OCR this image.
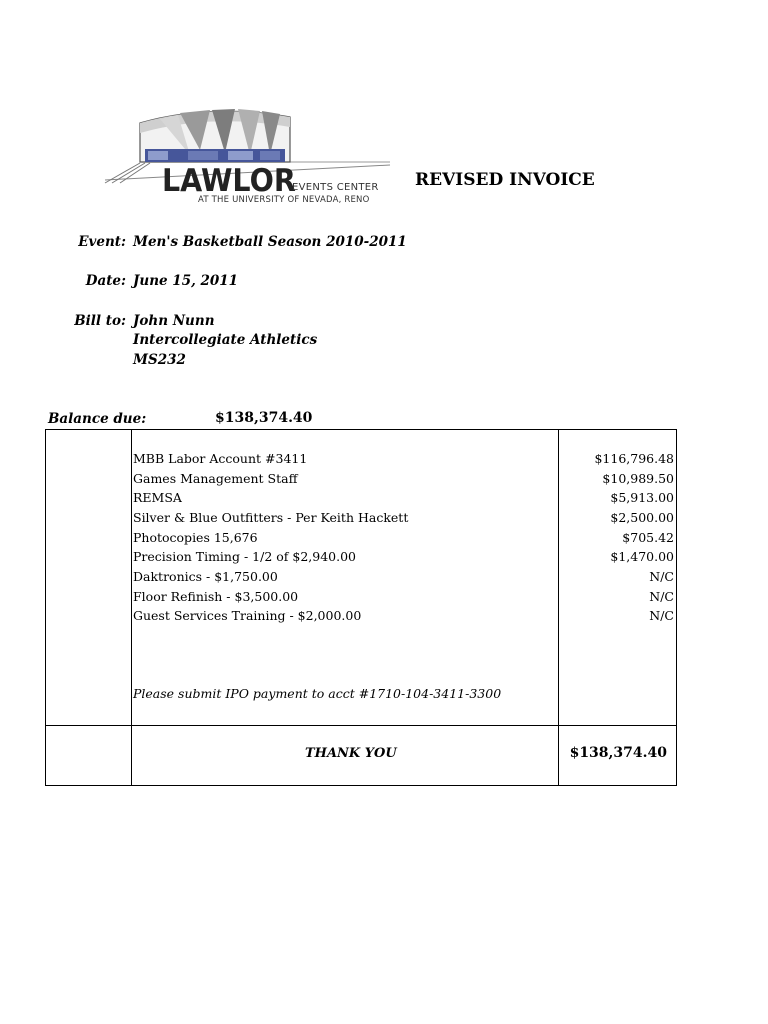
LAWLOR
EVENTS CENTER
AT THE UNIVERSITY OF NEVADA, RENO
REVISED INVOICE
Event: Men's Basketball Season 2010-2011
Date: June 15, 2011
Bill to: John Nunn
Intercollegiate Athletics
MS232
Balance due:	$138,374.40
MBB Labor Account #3411	$116,796.48
Games Management Staff	$10,989.50
REMSA	$5,913.00
Silver & Blue Outfitters - Per Keith Hackett	$2,500.00
Photocopies 15,676	$705.42
Precision Timing - 1/2 of $2,940.00	$1,470.00
Daktronics - $1,750.00	N/C
Floor Refinish - $3,500.00	N/C
Guest Services Training - $2,000.00	N/C
Please submit IPO payment to acct #1710-104-3411-3300
THANK YOU	$138,374.40
